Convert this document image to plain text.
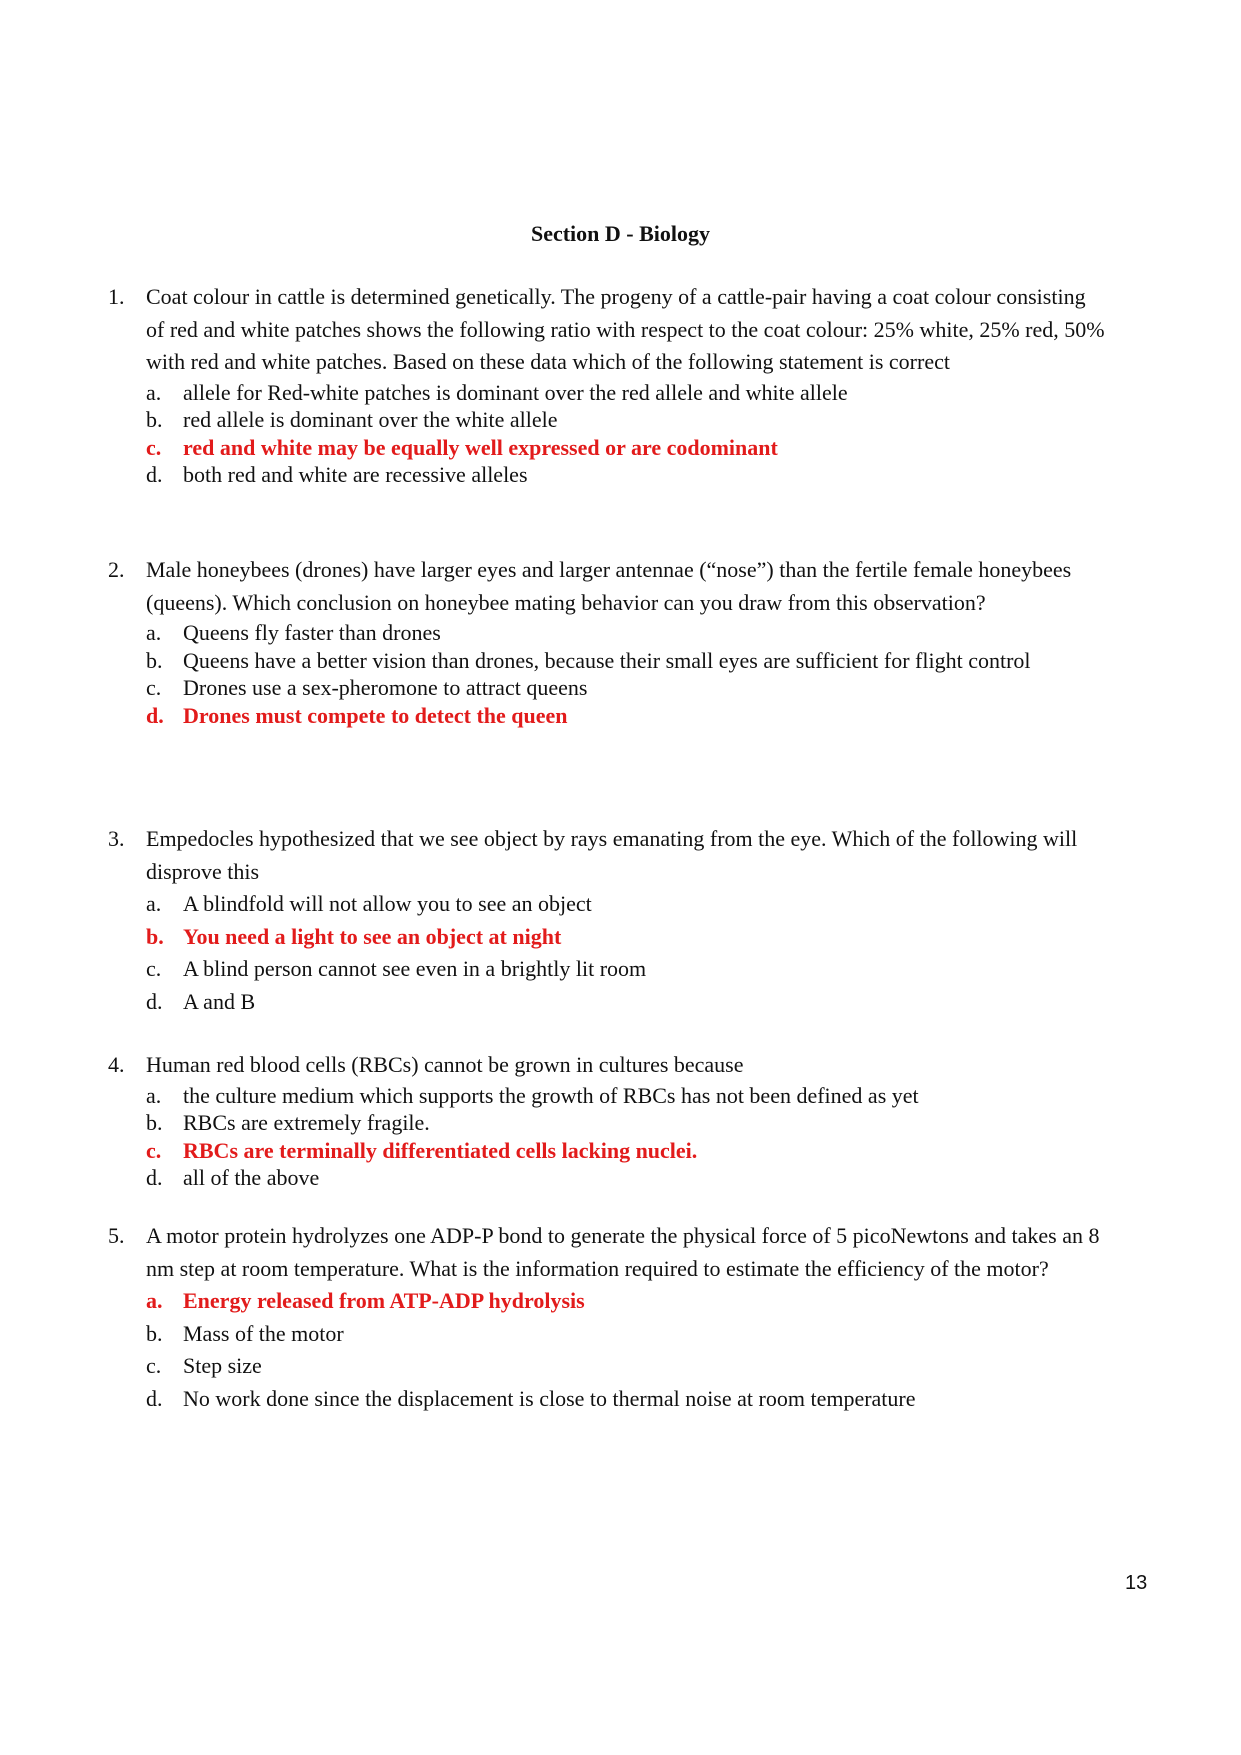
Section D - Biology
1. Coat colour in cattle is determined genetically. The progeny of a cattle-pair having a coat colour consisting of red and white patches shows the following ratio with respect to the coat colour: 25% white, 25% red, 50% with red and white patches. Based on these data which of the following statement is correct
a. allele for Red-white patches is dominant over the red allele and white allele
b. red allele is dominant over the white allele
c. red and white may be equally well expressed or are codominant
d. both red and white are recessive alleles
2. Male honeybees (drones) have larger eyes and larger antennae (“nose”) than the fertile female honeybees (queens). Which conclusion on honeybee mating behavior can you draw from this observation?
a. Queens fly faster than drones
b. Queens have a better vision than drones, because their small eyes are sufficient for flight control
c. Drones use a sex-pheromone to attract queens
d. Drones must compete to detect the queen
3. Empedocles hypothesized that we see object by rays emanating from the eye. Which of the following will disprove this
a. A blindfold will not allow you to see an object
b. You need a light to see an object at night
c. A blind person cannot see even in a brightly lit room
d. A and B
4. Human red blood cells (RBCs) cannot be grown in cultures because
a. the culture medium which supports the growth of RBCs has not been defined as yet
b. RBCs are extremely fragile.
c. RBCs are terminally differentiated cells lacking nuclei.
d. all of the above
5. A motor protein hydrolyzes one ADP-P bond to generate the physical force of 5 picoNewtons and takes an 8 nm step at room temperature. What is the information required to estimate the efficiency of the motor?
a. Energy released from ATP-ADP hydrolysis
b. Mass of the motor
c. Step size
d. No work done since the displacement is close to thermal noise at room temperature
13
